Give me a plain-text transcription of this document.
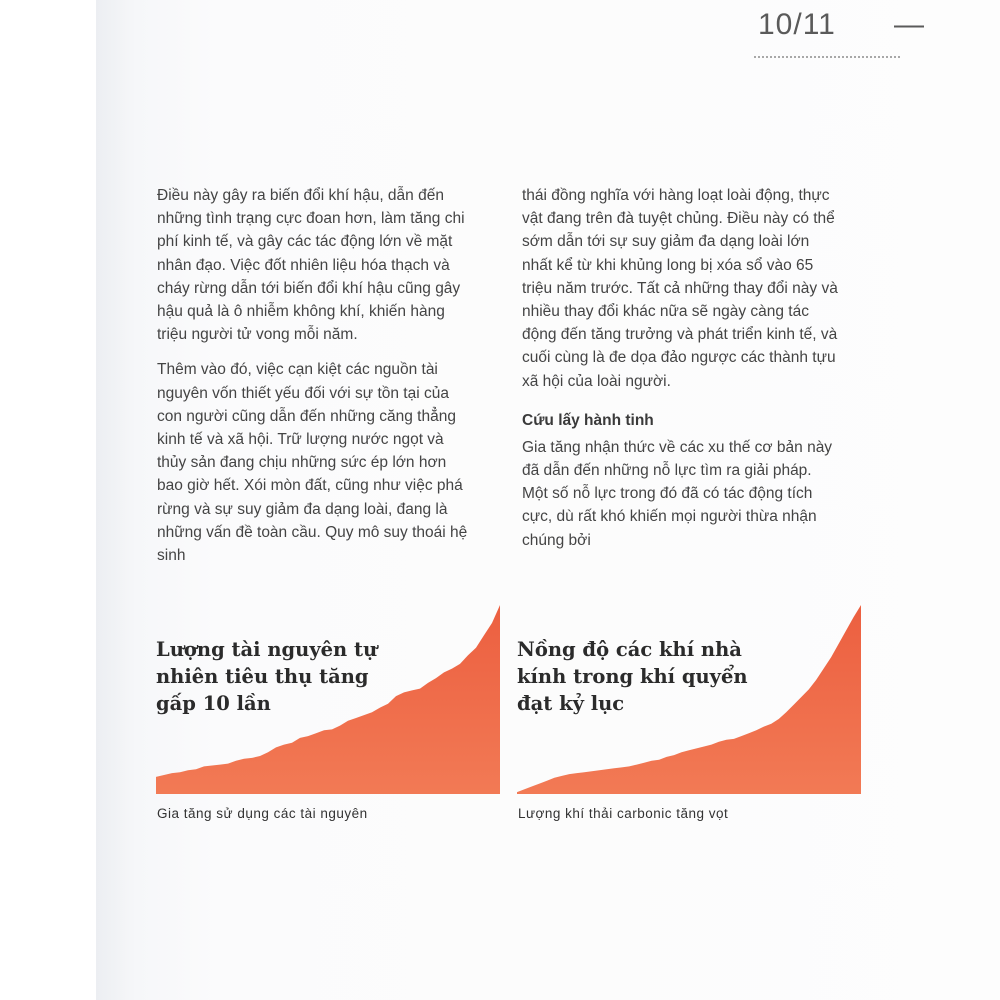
10/11 ―

Điều này gây ra biến đổi khí hậu, dẫn đến những tình trạng cực đoan hơn, làm tăng chi phí kinh tế, và gây các tác động lớn về mặt nhân đạo. Việc đốt nhiên liệu hóa thạch và cháy rừng dẫn tới biến đổi khí hậu cũng gây hậu quả là ô nhiễm không khí, khiến hàng triệu người tử vong mỗi năm.

Thêm vào đó, việc cạn kiệt các nguồn tài nguyên vốn thiết yếu đối với sự tồn tại của con người cũng dẫn đến những căng thẳng kinh tế và xã hội. Trữ lượng nước ngọt và thủy sản đang chịu những sức ép lớn hơn bao giờ hết. Xói mòn đất, cũng như việc phá rừng và sự suy giảm đa dạng loài, đang là những vấn đề toàn cầu. Quy mô suy thoái hệ sinh

thái đồng nghĩa với hàng loạt loài động, thực vật đang trên đà tuyệt chủng. Điều này có thể sớm dẫn tới sự suy giảm đa dạng loài lớn nhất kể từ khi khủng long bị xóa sổ vào 65 triệu năm trước. Tất cả những thay đổi này và nhiều thay đổi khác nữa sẽ ngày càng tác động đến tăng trưởng và phát triển kinh tế, và cuối cùng là đe dọa đảo ngược các thành tựu xã hội của loài người.

Cứu lấy hành tinh

Gia tăng nhận thức về các xu thế cơ bản này đã dẫn đến những nỗ lực tìm ra giải pháp. Một số nỗ lực trong đó đã có tác động tích cực, dù rất khó khiến mọi người thừa nhận chúng bởi

Lượng tài nguyên tự
nhiên tiêu thụ tăng
gấp 10 lần
Gia tăng sử dụng các tài nguyên
Nồng độ các khí nhà
kính trong khí quyển
đạt kỷ lục
Lượng khí thải carbonic tăng vọt
